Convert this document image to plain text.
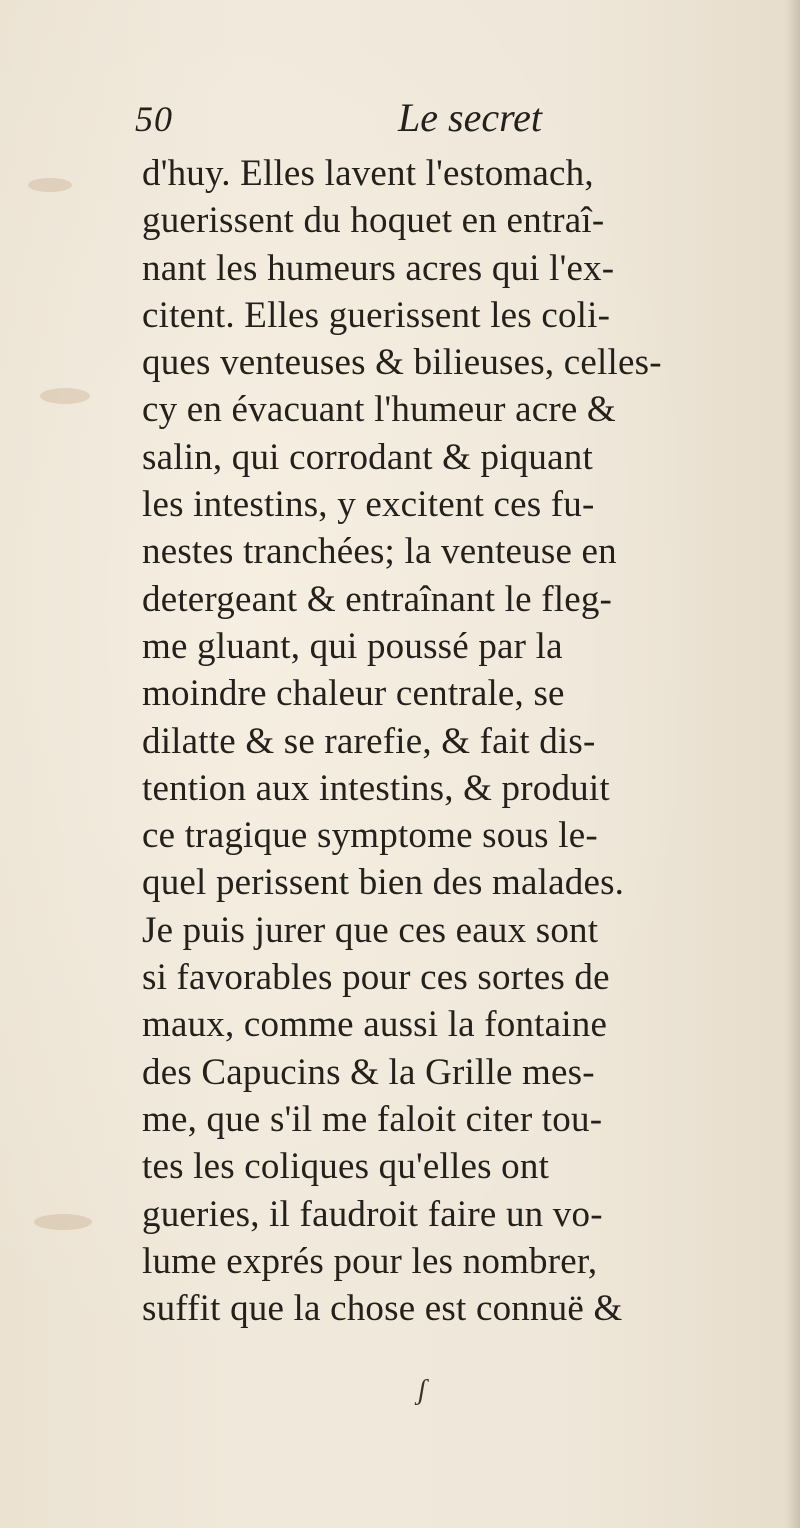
50	Le secret
d'huy. Elles lavent l'estomach,
guerissent du hoquet en entraî-
nant les humeurs acres qui l'ex-
citent. Elles guerissent les coli-
ques venteuses & bilieuses, celles-
cy en évacuant l'humeur acre &
salin, qui corrodant & piquant
les intestins, y excitent ces fu-
nestes tranchées; la venteuse en
detergeant & entraînant le fleg-
me gluant, qui poussé par la
moindre chaleur centrale, se
dilatte & se rarefie, & fait dis-
tention aux intestins, & produit
ce tragique symptome sous le-
quel perissent bien des malades.
Je puis jurer que ces eaux sont
si favorables pour ces sortes de
maux, comme aussi la fontaine
des Capucins & la Grille mes-
me, que s'il me faloit citer tou-
tes les coliques qu'elles ont
gueries, il faudroit faire un vo-
lume exprés pour les nombrer,
suffit que la chose est connuë &
ʃ
